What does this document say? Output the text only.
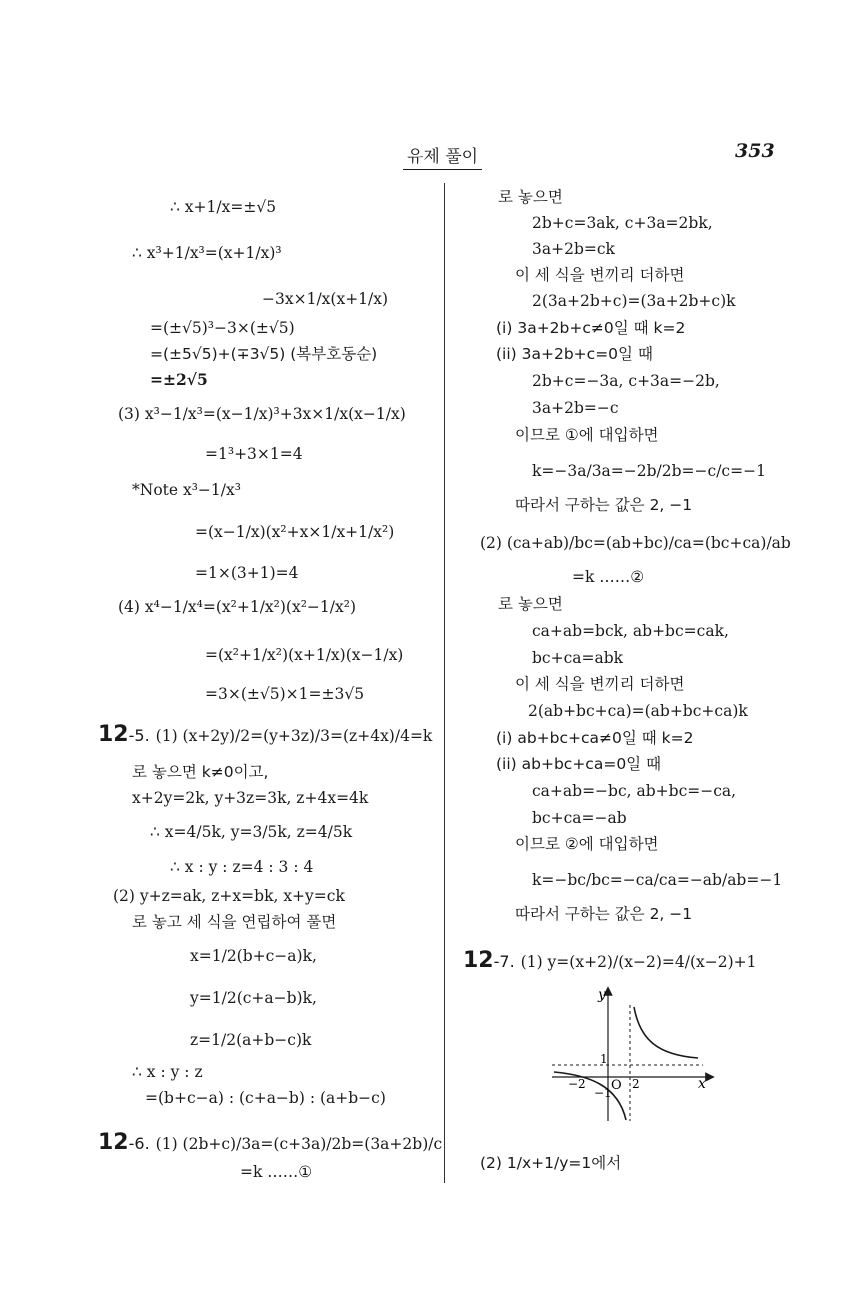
유제 풀이	353
∴ x+1/x=±√5
∴ x³+1/x³=(x+1/x)³
−3x×1/x(x+1/x)
=(±√5)³−3×(±√5)
=(±5√5)+(∓3√5) (복부호동순)
=±2√5
(3) x³−1/x³=(x−1/x)³+3x×1/x(x−1/x)
=1³+3×1=4
*Note x³−1/x³
=(x−1/x)(x²+x×1/x+1/x²)
=1×(3+1)=4
(4) x⁴−1/x⁴=(x²+1/x²)(x²−1/x²)
=(x²+1/x²)(x+1/x)(x−1/x)
=3×(±√5)×1=±3√5
로 놓으면 k≠0이고,
x+2y=2k, y+3z=3k, z+4x=4k
∴ x=4/5k, y=3/5k, z=4/5k
∴ x : y : z=4 : 3 : 4
(2) y+z=ak, z+x=bk, x+y=ck
로 놓고 세 식을 연립하여 풀면
x=1/2(b+c−a)k,
y=1/2(c+a−b)k,
z=1/2(a+b−c)k
∴ x : y : z
=(b+c−a) : (c+a−b) : (a+b−c)
=k ……①
로 놓으면
2b+c=3ak, c+3a=2bk,
3a+2b=ck
이 세 식을 변끼리 더하면
2(3a+2b+c)=(3a+2b+c)k
(i) 3a+2b+c≠0일 때 k=2
(ii) 3a+2b+c=0일 때
2b+c=−3a, c+3a=−2b,
3a+2b=−c
이므로 ①에 대입하면
k=−3a/3a=−2b/2b=−c/c=−1
따라서 구하는 값은 2, −1
(2) (ca+ab)/bc=(ab+bc)/ca=(bc+ca)/ab
=k ……②
로 놓으면
ca+ab=bck, ab+bc=cak,
bc+ca=abk
이 세 식을 변끼리 더하면
2(ab+bc+ca)=(ab+bc+ca)k
(i) ab+bc+ca≠0일 때 k=2
(ii) ab+bc+ca=0일 때
ca+ab=−bc, ab+bc=−ca,
bc+ca=−ab
이므로 ②에 대입하면
k=−bc/bc=−ca/ca=−ab/ab=−1
따라서 구하는 값은 2, −1
(2) 1/x+1/y=1에서
12-5. (1) (x+2y)/2=(y+3z)/3=(z+4x)/4=k
12-6. (1) (2b+c)/3a=(c+3a)/2b=(3a+2b)/c
12-7. (1) y=(x+2)/(x−2)=4/(x−2)+1
y
x
O
1
−1
2
−2
